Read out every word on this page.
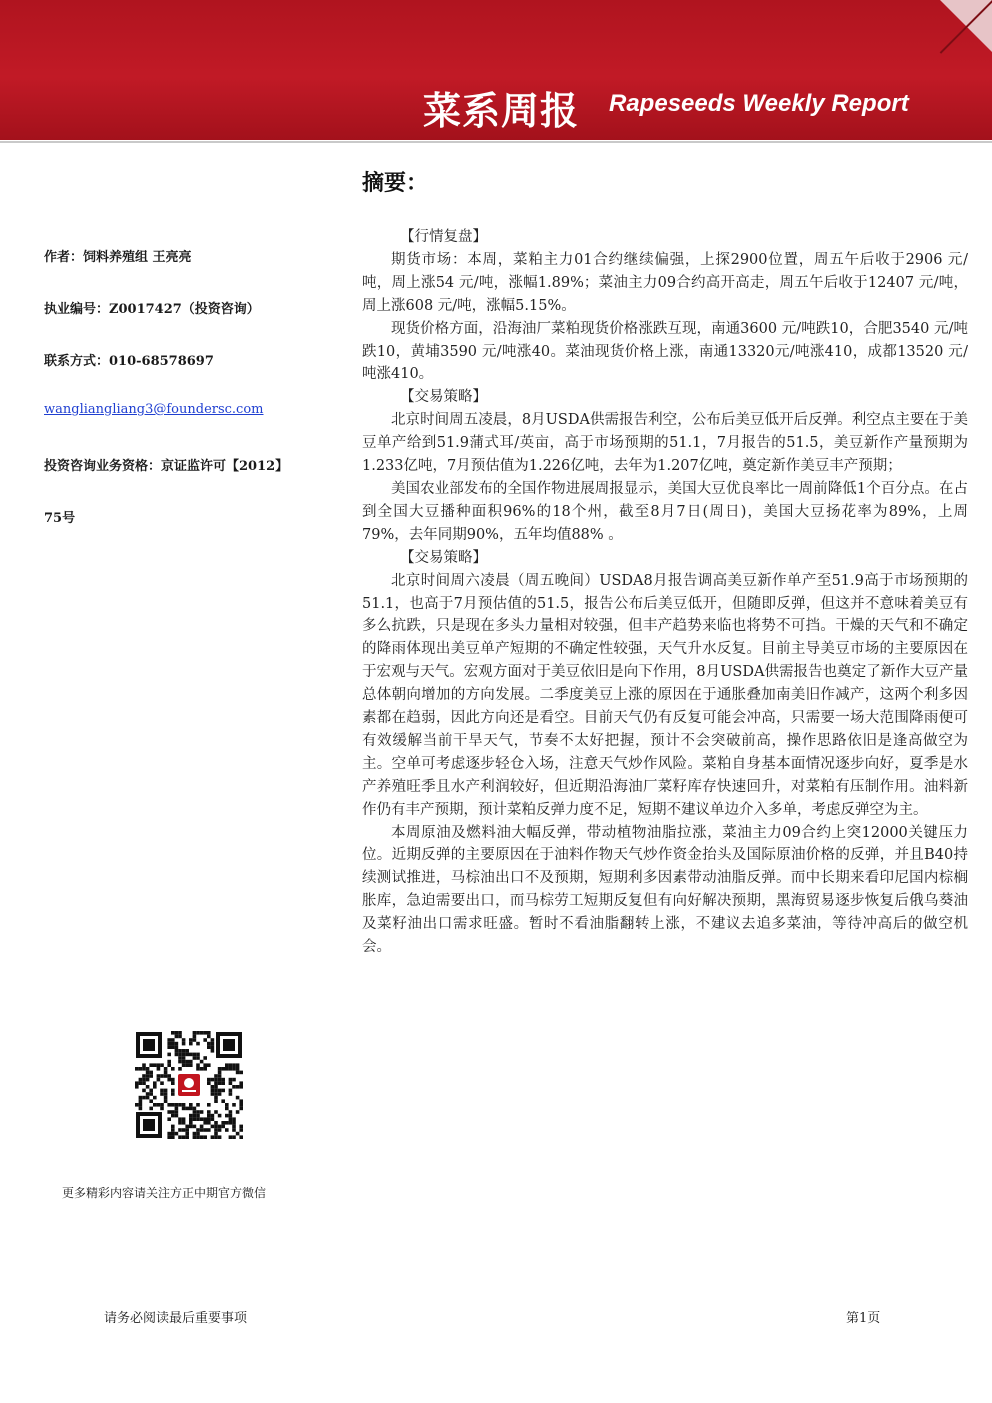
菜系周报 Rapeseeds Weekly Report
作者：饲料养殖组 王亮亮
执业编号：Z0017427（投资咨询）
联系方式：010-68578697
wangliangliang3@foundersc.com
投资咨询业务资格：京证监许可【2012】
75号
更多精彩内容请关注方正中期官方微信
摘要：

【行情复盘】

期货市场：本周，菜粕主力01合约继续偏强，上探2900位置，周五午后收于2906 元/吨，周上涨54 元/吨，涨幅1.89%；菜油主力09合约高开高走，周五午后收于12407 元/吨，周上涨608 元/吨，涨幅5.15%。

现货价格方面，沿海油厂菜粕现货价格涨跌互现，南通3600 元/吨跌10，合肥3540 元/吨跌10，黄埔3590 元/吨涨40。菜油现货价格上涨，南通13320元/吨涨410，成都13520 元/吨涨410。

【交易策略】

北京时间周五凌晨，8月USDA供需报告利空，公布后美豆低开后反弹。利空点主要在于美豆单产给到51.9蒲式耳/英亩，高于市场预期的51.1，7月报告的51.5，美豆新作产量预期为1.233亿吨，7月预估值为1.226亿吨，去年为1.207亿吨，奠定新作美豆丰产预期；

美国农业部发布的全国作物进展周报显示，美国大豆优良率比一周前降低1个百分点。在占到全国大豆播种面积96%的18个州，截至8月7日(周日)，美国大豆扬花率为89%，上周79%，去年同期90%，五年均值88% 。

【交易策略】

北京时间周六凌晨（周五晚间）USDA8月报告调高美豆新作单产至51.9高于市场预期的51.1，也高于7月预估值的51.5，报告公布后美豆低开，但随即反弹，但这并不意味着美豆有多么抗跌，只是现在多头力量相对较强，但丰产趋势来临也将势不可挡。干燥的天气和不确定的降雨体现出美豆单产短期的不确定性较强，天气升水反复。目前主导美豆市场的主要原因在于宏观与天气。宏观方面对于美豆依旧是向下作用，8月USDA供需报告也奠定了新作大豆产量总体朝向增加的方向发展。二季度美豆上涨的原因在于通胀叠加南美旧作减产，这两个利多因素都在趋弱，因此方向还是看空。目前天气仍有反复可能会冲高，只需要一场大范围降雨便可有效缓解当前干旱天气，节奏不太好把握，预计不会突破前高，操作思路依旧是逢高做空为主。空单可考虑逐步轻仓入场，注意天气炒作风险。菜粕自身基本面情况逐步向好，夏季是水产养殖旺季且水产利润较好，但近期沿海油厂菜籽库存快速回升，对菜粕有压制作用。油料新作仍有丰产预期，预计菜粕反弹力度不足，短期不建议单边介入多单，考虑反弹空为主。

本周原油及燃料油大幅反弹，带动植物油脂拉涨，菜油主力09合约上突12000关键压力位。近期反弹的主要原因在于油料作物天气炒作资金抬头及国际原油价格的反弹，并且B40持续测试推进，马棕油出口不及预期，短期利多因素带动油脂反弹。而中长期来看印尼国内棕榈胀库，急迫需要出口，而马棕劳工短期反复但有向好解决预期，黑海贸易逐步恢复后俄乌葵油及菜籽油出口需求旺盛。暂时不看油脂翻转上涨，不建议去追多菜油，等待冲高后的做空机会。

请务必阅读最后重要事项	第1页
